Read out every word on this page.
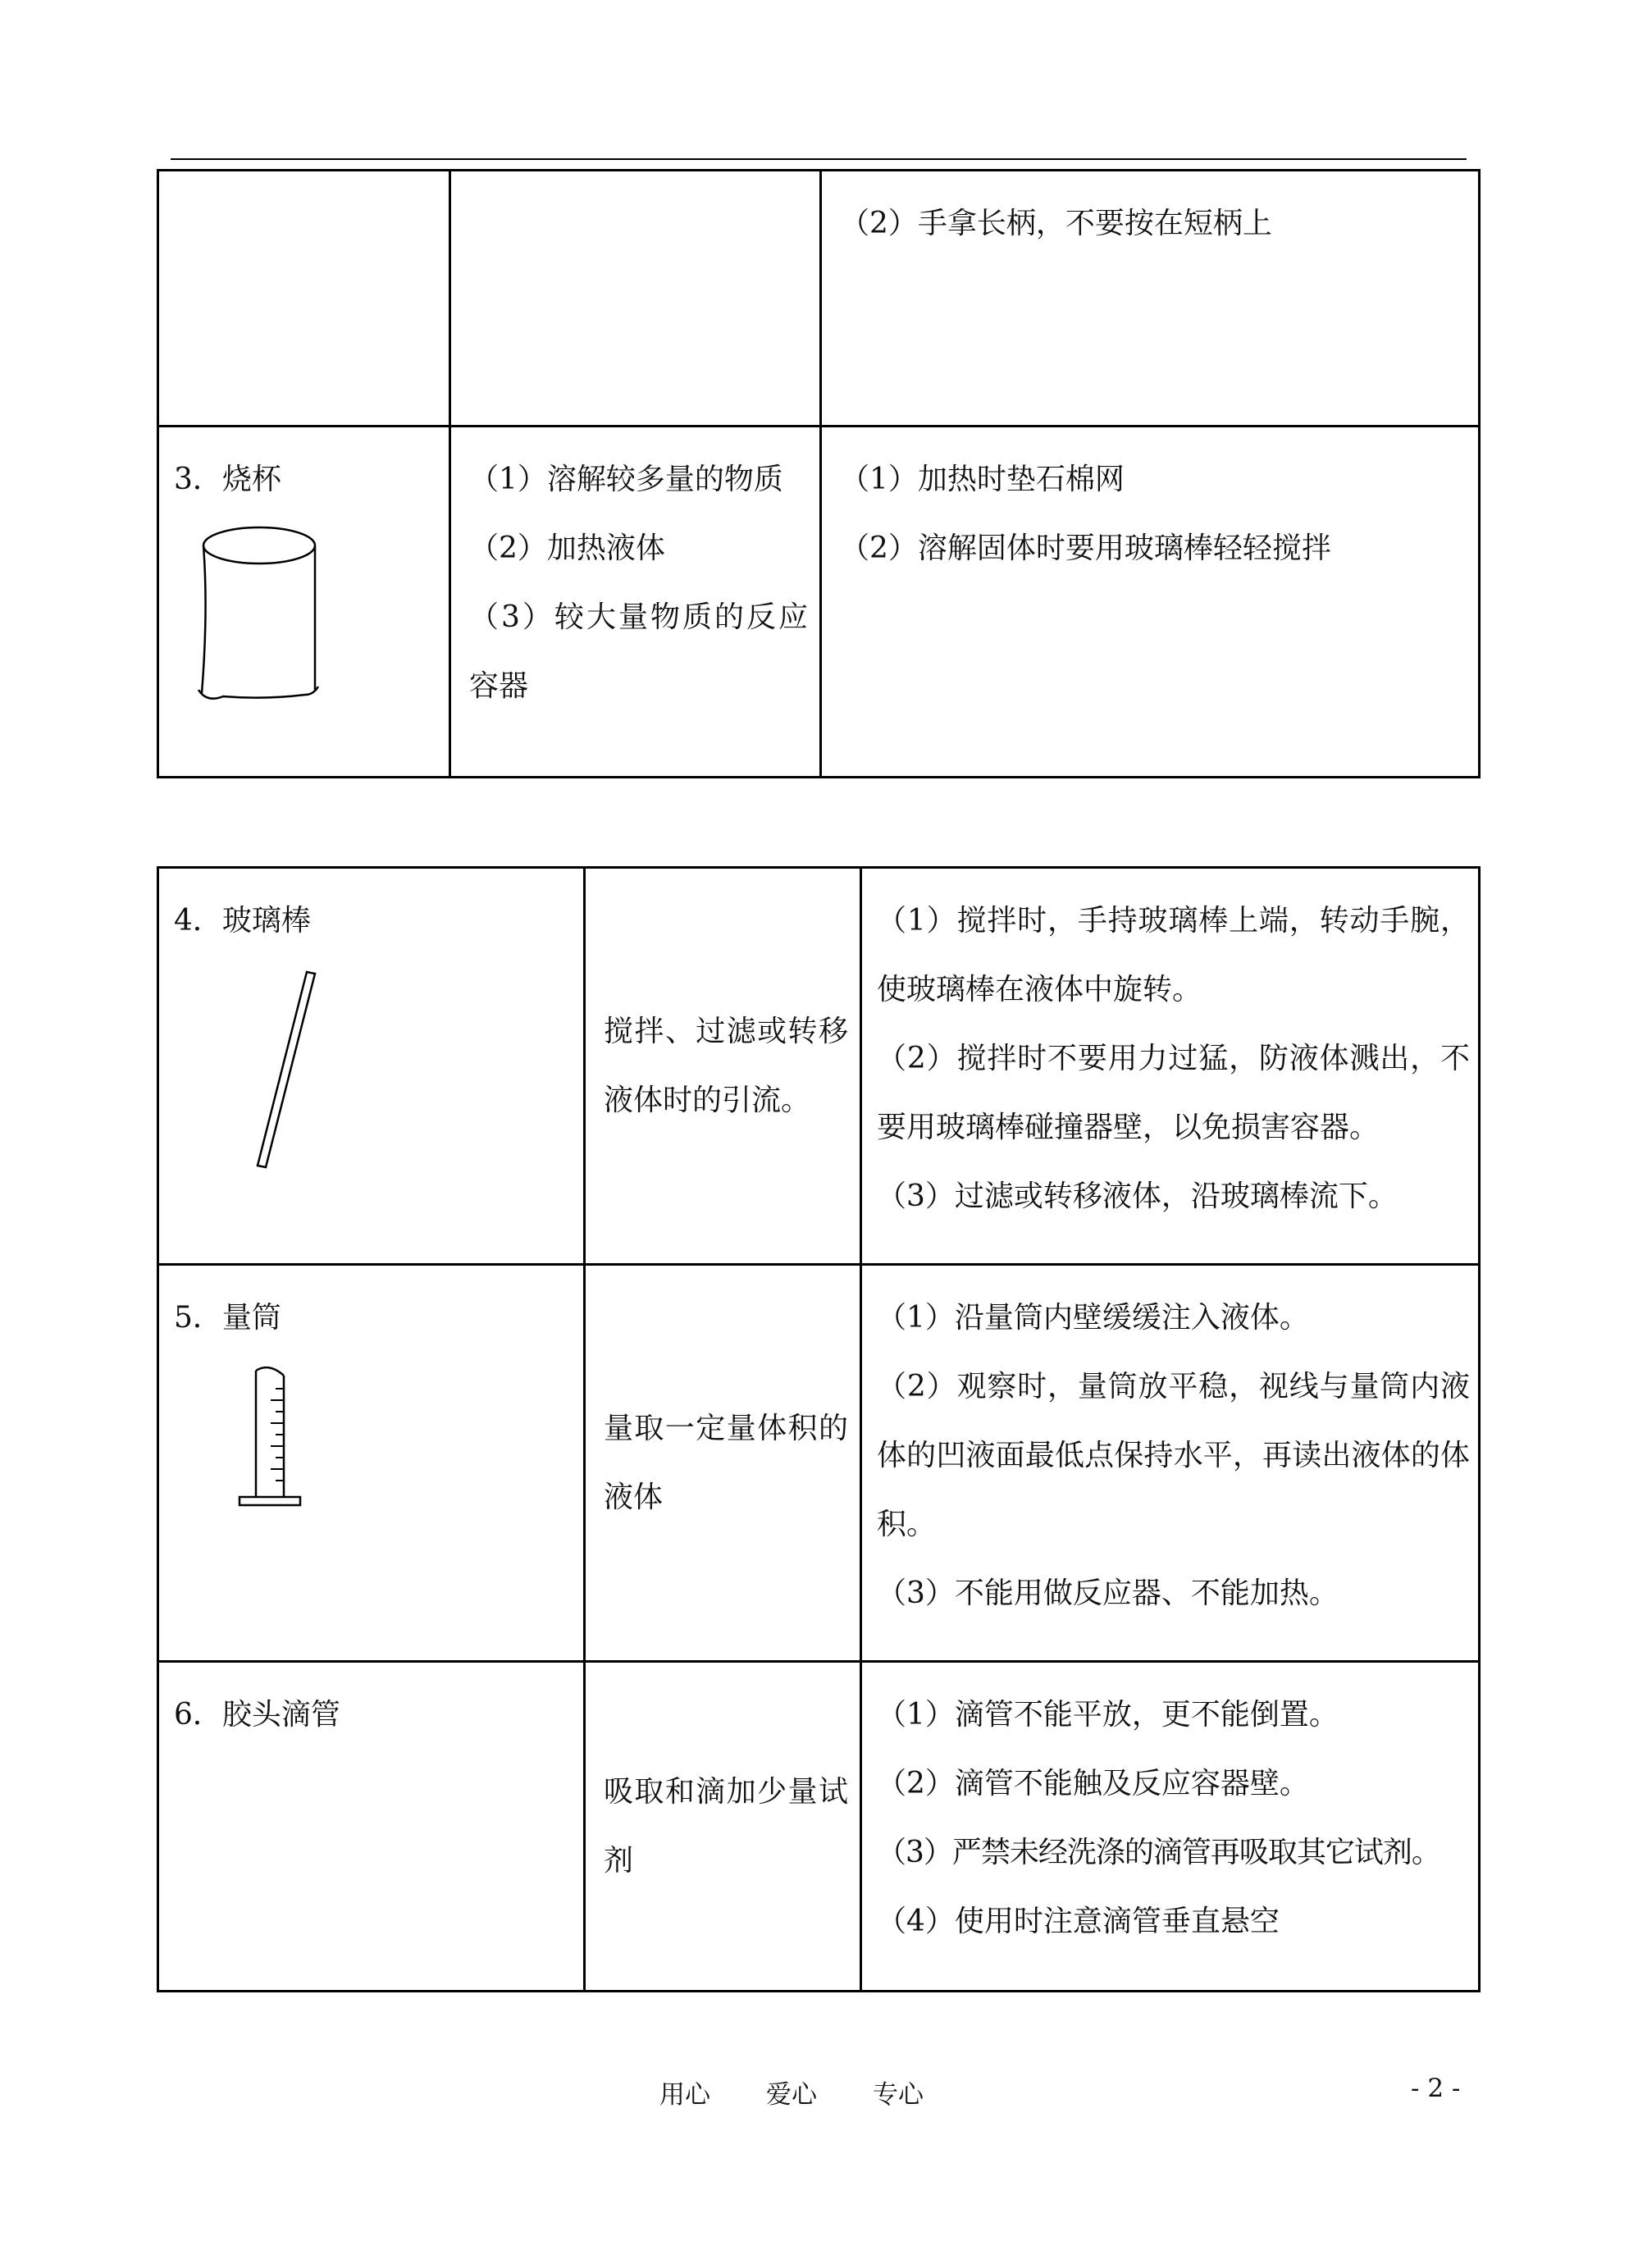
		（2）手拿长柄，不要按在短柄上

3．烧杯	（1）溶解较多量的物质
（2）加热液体
（3）较大量物质的反应容器	（1）加热时垫石棉网
（2）溶解固体时要用玻璃棒轻轻搅拌
4．玻璃棒	搅拌、过滤或转移液体时的引流。	（1）搅拌时，手持玻璃棒上端，转动手腕，使玻璃棒在液体中旋转。
（2）搅拌时不要用力过猛，防液体溅出，不要用玻璃棒碰撞器壁，以免损害容器。
（3）过滤或转移液体，沿玻璃棒流下。

5．量筒	量取一定量体积的液体	（1）沿量筒内壁缓缓注入液体。
（2）观察时，量筒放平稳，视线与量筒内液体的凹液面最低点保持水平，再读出液体的体积。
（3）不能用做反应器、不能加热。

6．胶头滴管	吸取和滴加少量试剂	（1）滴管不能平放，更不能倒置。
（2）滴管不能触及反应容器壁。
（3）严禁未经洗涤的滴管再吸取其它试剂。
（4）使用时注意滴管垂直悬空
用心 爱心 专心	- 2 -
